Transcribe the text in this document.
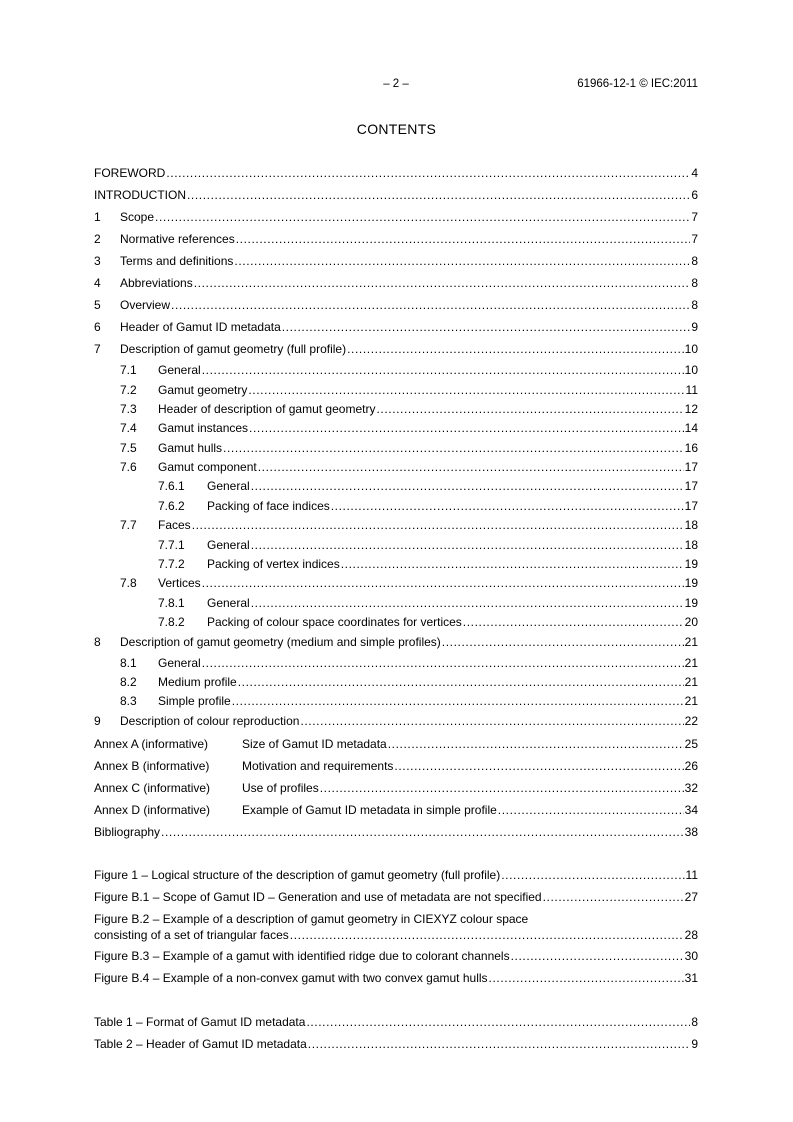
– 2 –	61966-12-1 © IEC:2011
CONTENTS
FOREWORD .....	4
INTRODUCTION .....	6
1 Scope .....	7
2 Normative references .....	7
3 Terms and definitions .....	8
4 Abbreviations .....	8
5 Overview .....	8
6 Header of Gamut ID metadata .....	9
7 Description of gamut geometry (full profile) .....	10
7.1 General .....	10
7.2 Gamut geometry .....	11
7.3 Header of description of gamut geometry .....	12
7.4 Gamut instances .....	14
7.5 Gamut hulls .....	16
7.6 Gamut component .....	17
7.6.1 General .....	17
7.6.2 Packing of face indices .....	17
7.7 Faces .....	18
7.7.1 General .....	18
7.7.2 Packing of vertex indices .....	19
7.8 Vertices .....	19
7.8.1 General .....	19
7.8.2 Packing of colour space coordinates for vertices .....	20
8 Description of gamut geometry (medium and simple profiles) .....	21
8.1 General .....	21
8.2 Medium profile .....	21
8.3 Simple profile .....	21
9 Description of colour reproduction .....	22
Annex A (informative)	Size of Gamut ID metadata .....	25
Annex B (informative)	Motivation and requirements .....	26
Annex C (informative)	Use of profiles .....	32
Annex D (informative)	Example of Gamut ID metadata in simple profile .....	34
Bibliography .....	38
Figure 1 – Logical structure of the description of gamut geometry (full profile) .....	11
Figure B.1 – Scope of Gamut ID – Generation and use of metadata are not specified .....	27
Figure B.2 – Example of a description of gamut geometry in CIEXYZ colour space
consisting of a set of triangular faces .....	28
Figure B.3 – Example of a gamut with identified ridge due to colorant channels .....	30
Figure B.4 – Example of a non-convex gamut with two convex gamut hulls .....	31
Table 1 – Format of Gamut ID metadata .....	8
Table 2 – Header of Gamut ID metadata .....	9
